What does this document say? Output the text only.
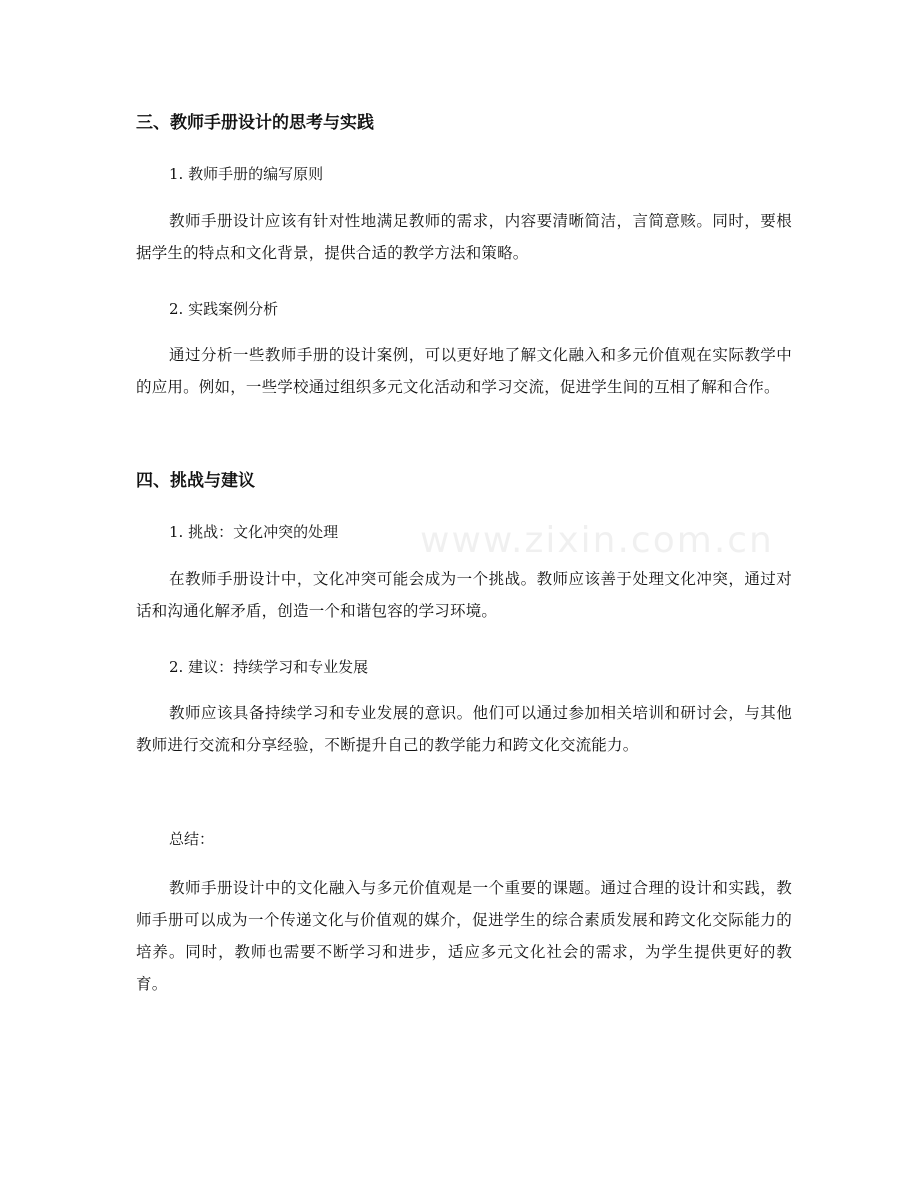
www.zixin.com.cn
三、教师手册设计的思考与实践
1. 教师手册的编写原则
教师手册设计应该有针对性地满足教师的需求，内容要清晰简洁，言简意赅。同时，要根据学生的特点和文化背景，提供合适的教学方法和策略。
2. 实践案例分析
通过分析一些教师手册的设计案例，可以更好地了解文化融入和多元价值观在实际教学中的应用。例如，一些学校通过组织多元文化活动和学习交流，促进学生间的互相了解和合作。
四、挑战与建议
1. 挑战：文化冲突的处理
在教师手册设计中，文化冲突可能会成为一个挑战。教师应该善于处理文化冲突，通过对话和沟通化解矛盾，创造一个和谐包容的学习环境。
2. 建议：持续学习和专业发展
教师应该具备持续学习和专业发展的意识。他们可以通过参加相关培训和研讨会，与其他教师进行交流和分享经验，不断提升自己的教学能力和跨文化交流能力。
总结：
教师手册设计中的文化融入与多元价值观是一个重要的课题。通过合理的设计和实践，教师手册可以成为一个传递文化与价值观的媒介，促进学生的综合素质发展和跨文化交际能力的培养。同时，教师也需要不断学习和进步，适应多元文化社会的需求，为学生提供更好的教育。
